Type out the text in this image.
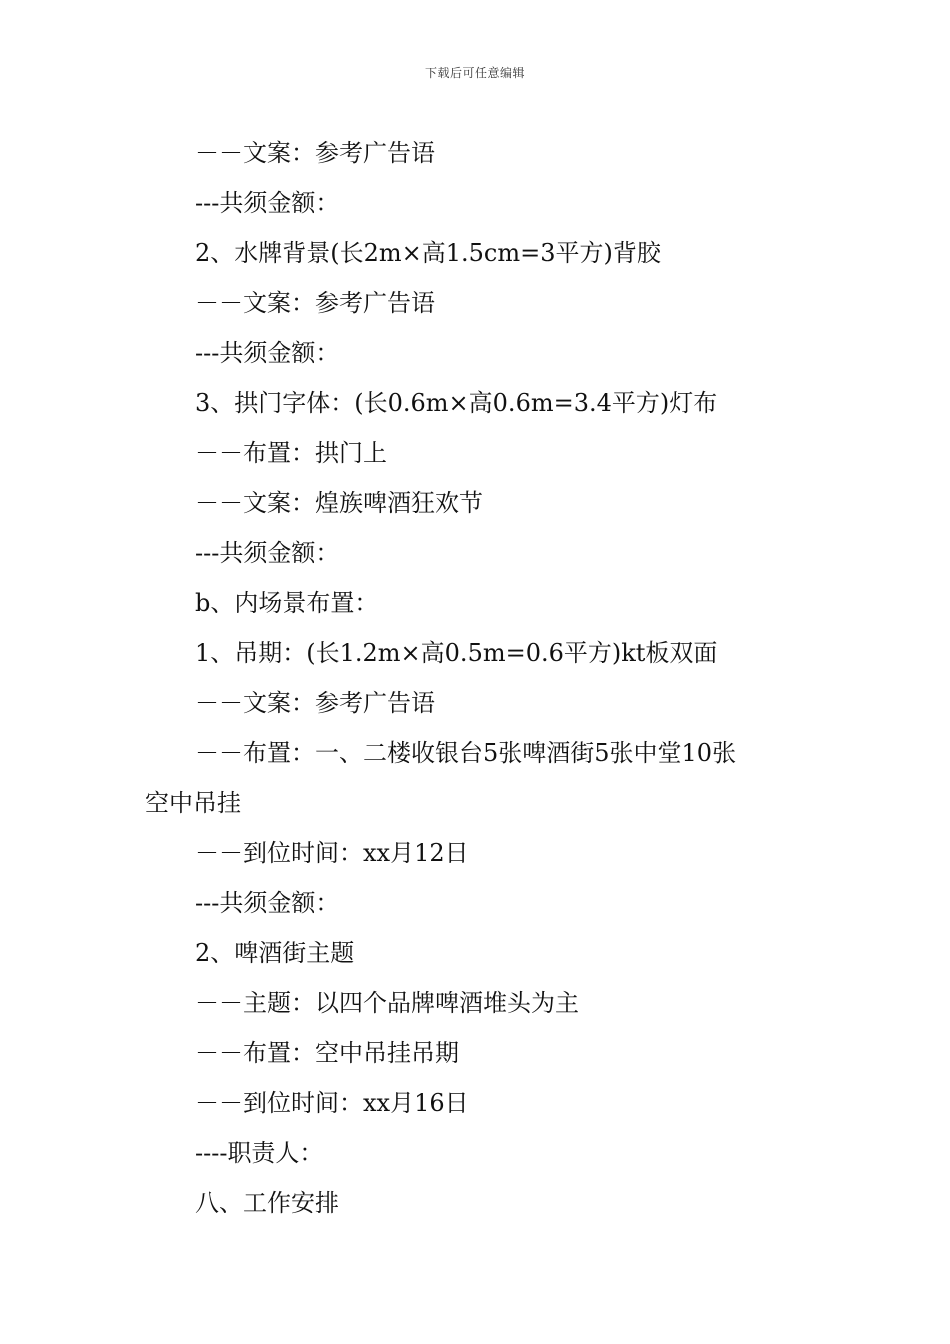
下载后可任意编辑
－－文案：参考广告语
---共须金额：
2、水牌背景(长2m×高1.5cm=3平方)背胶
－－文案：参考广告语
---共须金额：
3、拱门字体：(长0.6m×高0.6m=3.4平方)灯布
－－布置：拱门上
－－文案：煌族啤酒狂欢节
---共须金额：
b、内场景布置：
1、吊期：(长1.2m×高0.5m=0.6平方)kt板双面
－－文案：参考广告语
－－布置：一、二楼收银台5张啤酒街5张中堂10张
空中吊挂
－－到位时间：xx月12日
---共须金额：
2、啤酒街主题
－－主题：以四个品牌啤酒堆头为主
－－布置：空中吊挂吊期
－－到位时间：xx月16日
----职责人：
八、工作安排
